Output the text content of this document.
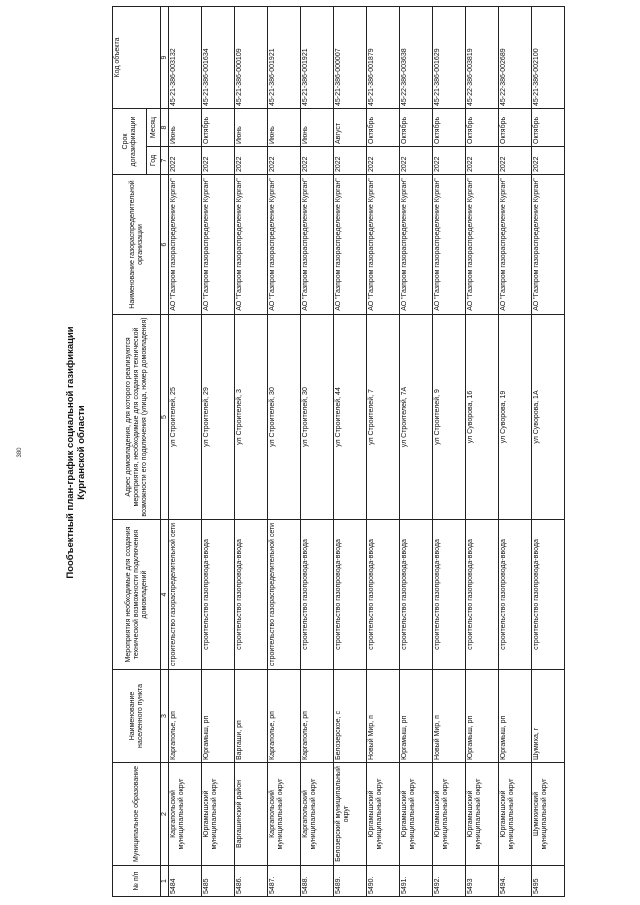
380	Пообъектный план-график социальной газификации Курганской области
№ п/п	Муниципальное образование	Наименование населенного пункта	Мероприятия необходимые для создания технической возможности подключения домовладений	Адрес домовладения, для которого реализуются мероприятия, необходимые для создания технической возможности его подключения (улица, номер домовладения)	Наименование газораспределительной организации	Срок догазификации		Код объекта
						Год	Месяц	
1	2	3	4	5	6	7	8	9
5484	Каргапольский муниципальный округ	Каргаполье, рп	строительство газораспределительной сети	ул Строителей, 25	АО "Газпром газораспределение Курган"	2022	Июнь	45-21-386-003132
5485	Юргамышский муниципальный округ	Юргамыш, рп	строительство газопровода-ввода	ул Строителей, 29	АО "Газпром газораспределение Курган"	2022	Октябрь	45-21-386-001634
5486.	Варгашинский район	Варгаши, рп	строительство газопровода-ввода	ул Строителей, 3	АО "Газпром газораспределение Курган"	2022	Июнь	45-21-386-000109
5487.	Каргапольский муниципальный округ	Каргаполье, рп	строительство газораспределительной сети	ул Строителей, 30	АО "Газпром газораспределение Курган"	2022	Июнь	45-21-386-001921
5488.	Каргапольский муниципальный округ	Каргаполье, рп	строительство газопровода-ввода	ул Строителей, 30	АО "Газпром газораспределение Курган"	2022	Июнь	45-21-386-001921
5489.	Белозерский муниципальный округ	Белозерское, с	строительство газопровода-ввода	ул Строителей, 44	АО "Газпром газораспределение Курган"	2022	Август	45-21-386-000007
5490.	Юргамышский муниципальный округ	Новый Мир, п	строительство газопровода-ввода	ул Строителей, 7	АО "Газпром газораспределение Курган"	2022	Октябрь	45-21-386-001879
5491.	Юргамышский муниципальный округ	Юргамыш, рп	строительство газопровода-ввода	ул Строителей, 7А	АО "Газпром газораспределение Курган"	2022	Октябрь	45-22-386-003638
5492.	Юргамышский муниципальный округ	Новый Мир, п	строительство газопровода-ввода	ул Строителей, 9	АО "Газпром газораспределение Курган"	2022	Октябрь	45-21-386-001629
5493	Юргамышский муниципальный округ	Юргамыш, рп	строительство газопровода-ввода	ул Суворова, 16	АО "Газпром газораспределение Курган"	2022	Октябрь	45-22-386-003819
5494.	Юргамышский муниципальный округ	Юргамыш, рп	строительство газопровода-ввода	ул Суворова, 19	АО "Газпром газораспределение Курган"	2022	Октябрь	45-22-386-002689
5495	Шумихинский муниципальный округ	Шумиха, г	строительство газопровода-ввода	ул Суворова, 1А	АО "Газпром газораспределение Курган"	2022	Октябрь	45-21-386-002100
